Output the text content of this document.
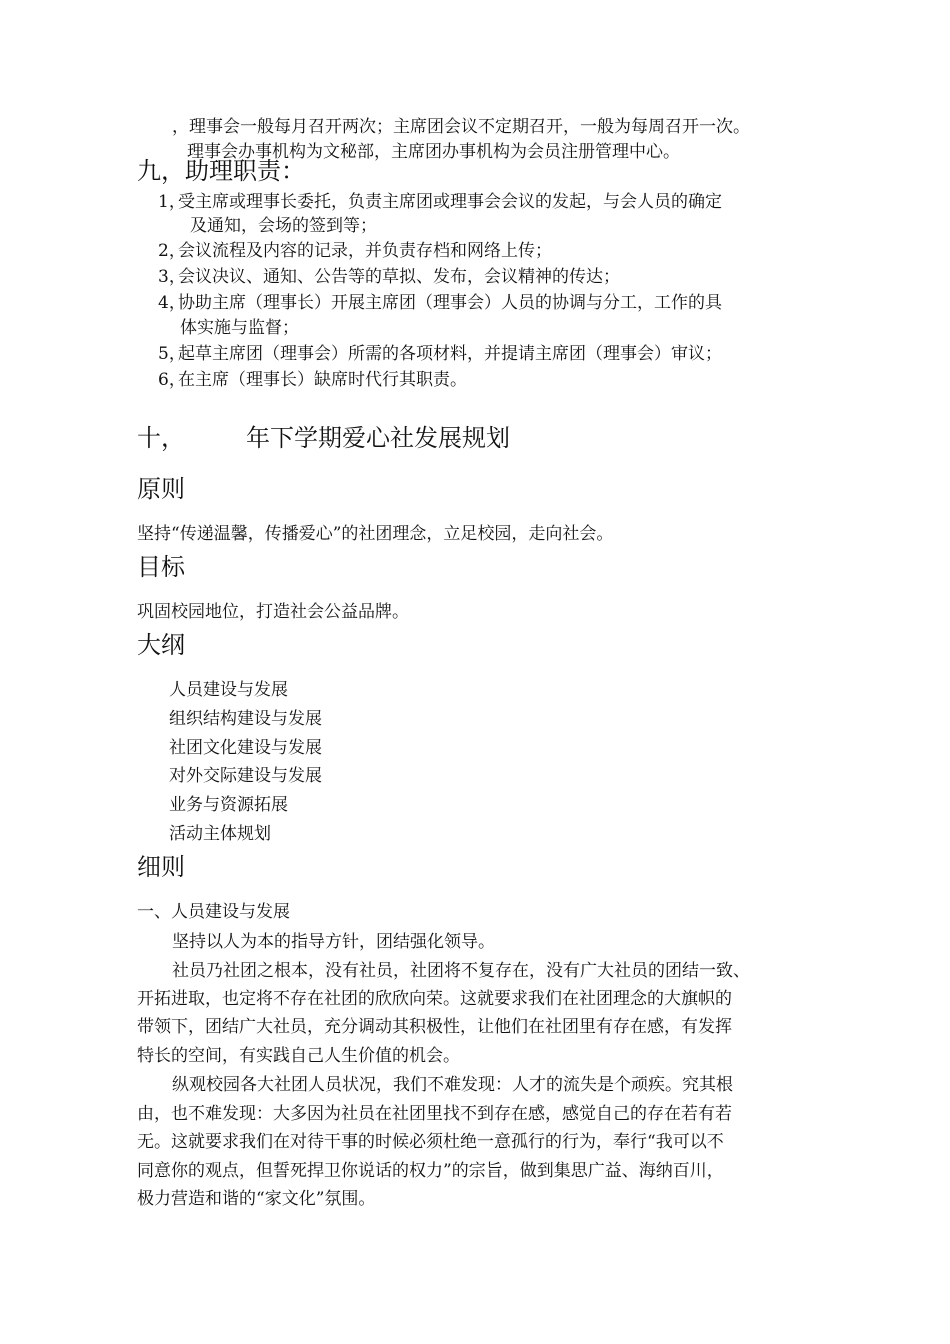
，理事会一般每月召开两次；主席团会议不定期召开，一般为每周召开一次。
理事会办事机构为文秘部，主席团办事机构为会员注册管理中心。
九，助理职责：
1，受主席或理事长委托，负责主席团或理事会会议的发起，与会人员的确定
及通知，会场的签到等；
2，会议流程及内容的记录，并负责存档和网络上传；
3，会议决议、通知、公告等的草拟、发布，会议精神的传达；
4，协助主席（理事长）开展主席团（理事会）人员的协调与分工，工作的具
体实施与监督；
5，起草主席团（理事会）所需的各项材料，并提请主席团（理事会）审议；
6，在主席（理事长）缺席时代行其职责。
十，	年下学期爱心社发展规划
原则
坚持“传递温馨，传播爱心”的社团理念，立足校园，走向社会。
目标
巩固校园地位，打造社会公益品牌。
大纲
人员建设与发展
组织结构建设与发展
社团文化建设与发展
对外交际建设与发展
业务与资源拓展
活动主体规划
细则
一、人员建设与发展
坚持以人为本的指导方针，团结强化领导。
社员乃社团之根本，没有社员，社团将不复存在，没有广大社员的团结一致、
开拓进取，也定将不存在社团的欣欣向荣。这就要求我们在社团理念的大旗帜的
带领下，团结广大社员，充分调动其积极性，让他们在社团里有存在感，有发挥
特长的空间，有实践自己人生价值的机会。
纵观校园各大社团人员状况，我们不难发现：人才的流失是个顽疾。究其根
由，也不难发现：大多因为社员在社团里找不到存在感，感觉自己的存在若有若
无。这就要求我们在对待干事的时候必须杜绝一意孤行的行为，奉行“我可以不
同意你的观点，但誓死捍卫你说话的权力”的宗旨，做到集思广益、海纳百川，
极力营造和谐的“家文化”氛围。
